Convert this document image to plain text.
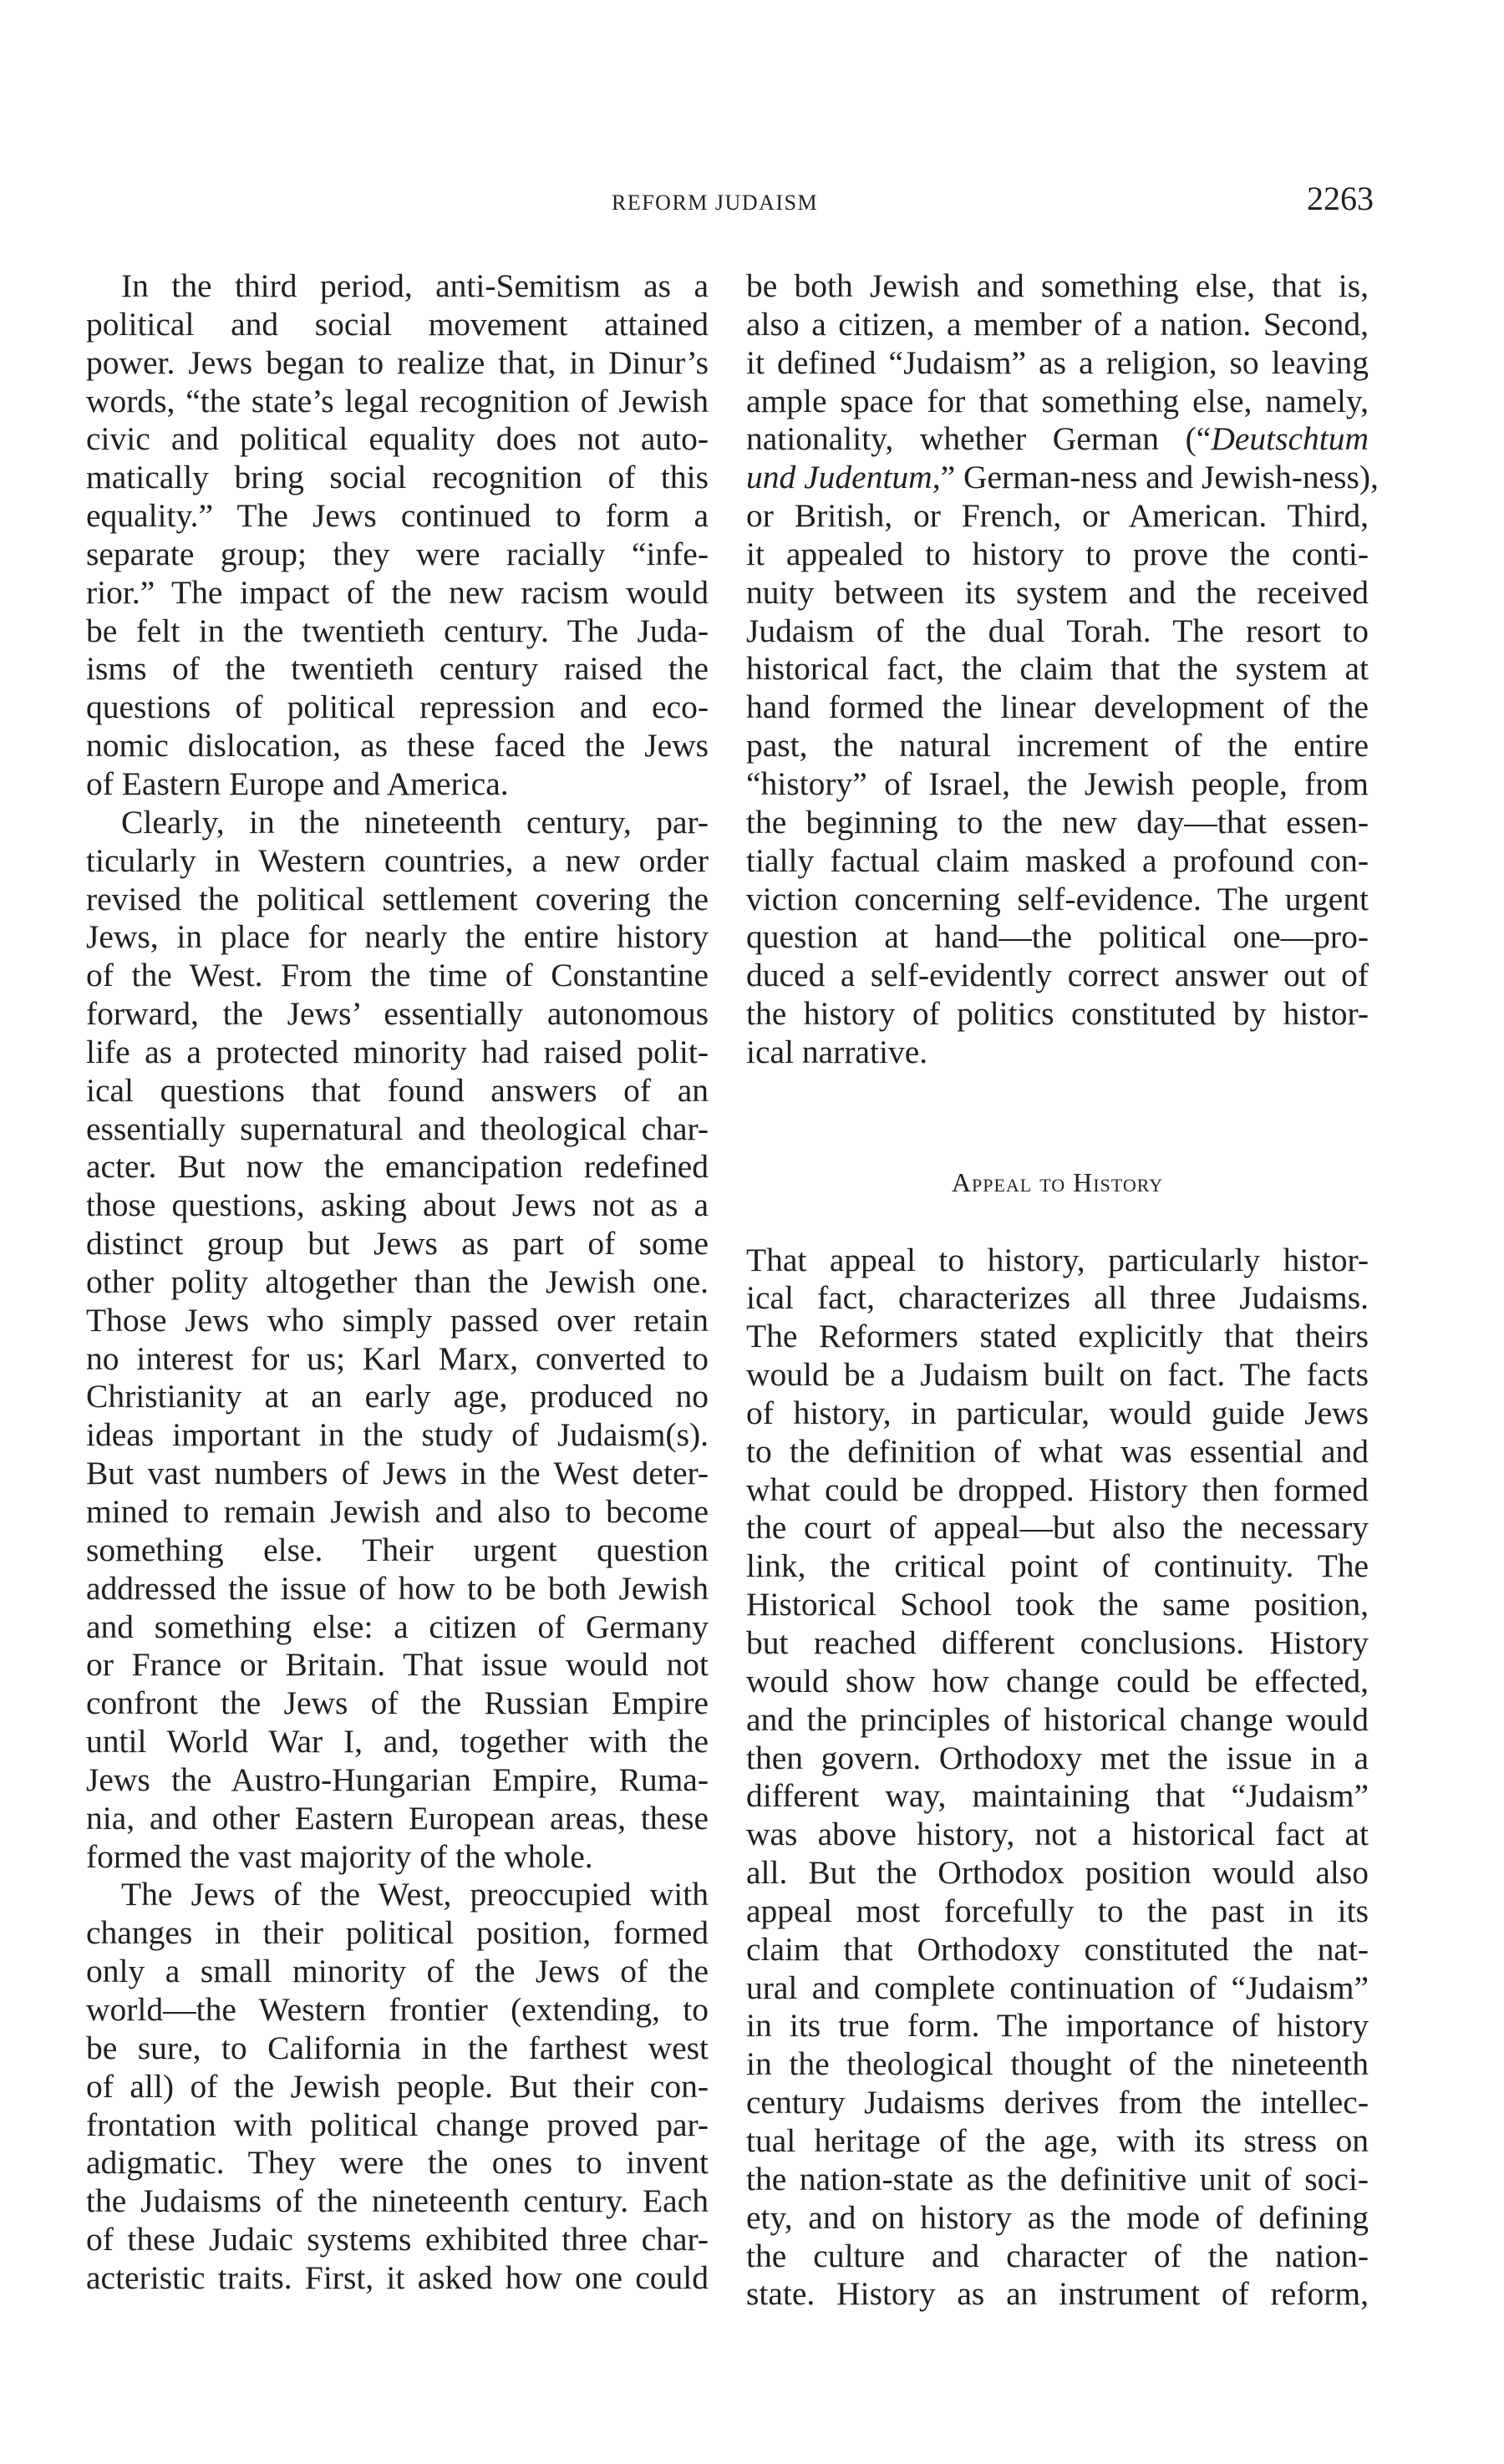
REFORM JUDAISM	2263
In the third period, anti-Semitism as a
political and social movement attained
power. Jews began to realize that, in Dinur’s
words, “the state’s legal recognition of Jewish
civic and political equality does not auto-
matically bring social recognition of this
equality.” The Jews continued to form a
separate group; they were racially “infe-
rior.” The impact of the new racism would
be felt in the twentieth century. The Juda-
isms of the twentieth century raised the
questions of political repression and eco-
nomic dislocation, as these faced the Jews
of Eastern Europe and America.
Clearly, in the nineteenth century, par-
ticularly in Western countries, a new order
revised the political settlement covering the
Jews, in place for nearly the entire history
of the West. From the time of Constantine
forward, the Jews’ essentially autonomous
life as a protected minority had raised polit-
ical questions that found answers of an
essentially supernatural and theological char-
acter. But now the emancipation redefined
those questions, asking about Jews not as a
distinct group but Jews as part of some
other polity altogether than the Jewish one.
Those Jews who simply passed over retain
no interest for us; Karl Marx, converted to
Christianity at an early age, produced no
ideas important in the study of Judaism(s).
But vast numbers of Jews in the West deter-
mined to remain Jewish and also to become
something else. Their urgent question
addressed the issue of how to be both Jewish
and something else: a citizen of Germany
or France or Britain. That issue would not
confront the Jews of the Russian Empire
until World War I, and, together with the
Jews the Austro-Hungarian Empire, Ruma-
nia, and other Eastern European areas, these
formed the vast majority of the whole.
The Jews of the West, preoccupied with
changes in their political position, formed
only a small minority of the Jews of the
world—the Western frontier (extending, to
be sure, to California in the farthest west
of all) of the Jewish people. But their con-
frontation with political change proved par-
adigmatic. They were the ones to invent
the Judaisms of the nineteenth century. Each
of these Judaic systems exhibited three char-
acteristic traits. First, it asked how one could
be both Jewish and something else, that is,
also a citizen, a member of a nation. Second,
it defined “Judaism” as a religion, so leaving
ample space for that something else, namely,
nationality, whether German (“Deutschtum
und Judentum,” German-ness and Jewish-ness),
or British, or French, or American. Third,
it appealed to history to prove the conti-
nuity between its system and the received
Judaism of the dual Torah. The resort to
historical fact, the claim that the system at
hand formed the linear development of the
past, the natural increment of the entire
“history” of Israel, the Jewish people, from
the beginning to the new day—that essen-
tially factual claim masked a profound con-
viction concerning self-evidence. The urgent
question at hand—the political one—pro-
duced a self-evidently correct answer out of
the history of politics constituted by histor-
ical narrative.
Appeal to History
That appeal to history, particularly histor-
ical fact, characterizes all three Judaisms.
The Reformers stated explicitly that theirs
would be a Judaism built on fact. The facts
of history, in particular, would guide Jews
to the definition of what was essential and
what could be dropped. History then formed
the court of appeal—but also the necessary
link, the critical point of continuity. The
Historical School took the same position,
but reached different conclusions. History
would show how change could be effected,
and the principles of historical change would
then govern. Orthodoxy met the issue in a
different way, maintaining that “Judaism”
was above history, not a historical fact at
all. But the Orthodox position would also
appeal most forcefully to the past in its
claim that Orthodoxy constituted the nat-
ural and complete continuation of “Judaism”
in its true form. The importance of history
in the theological thought of the nineteenth
century Judaisms derives from the intellec-
tual heritage of the age, with its stress on
the nation-state as the definitive unit of soci-
ety, and on history as the mode of defining
the culture and character of the nation-
state. History as an instrument of reform,
